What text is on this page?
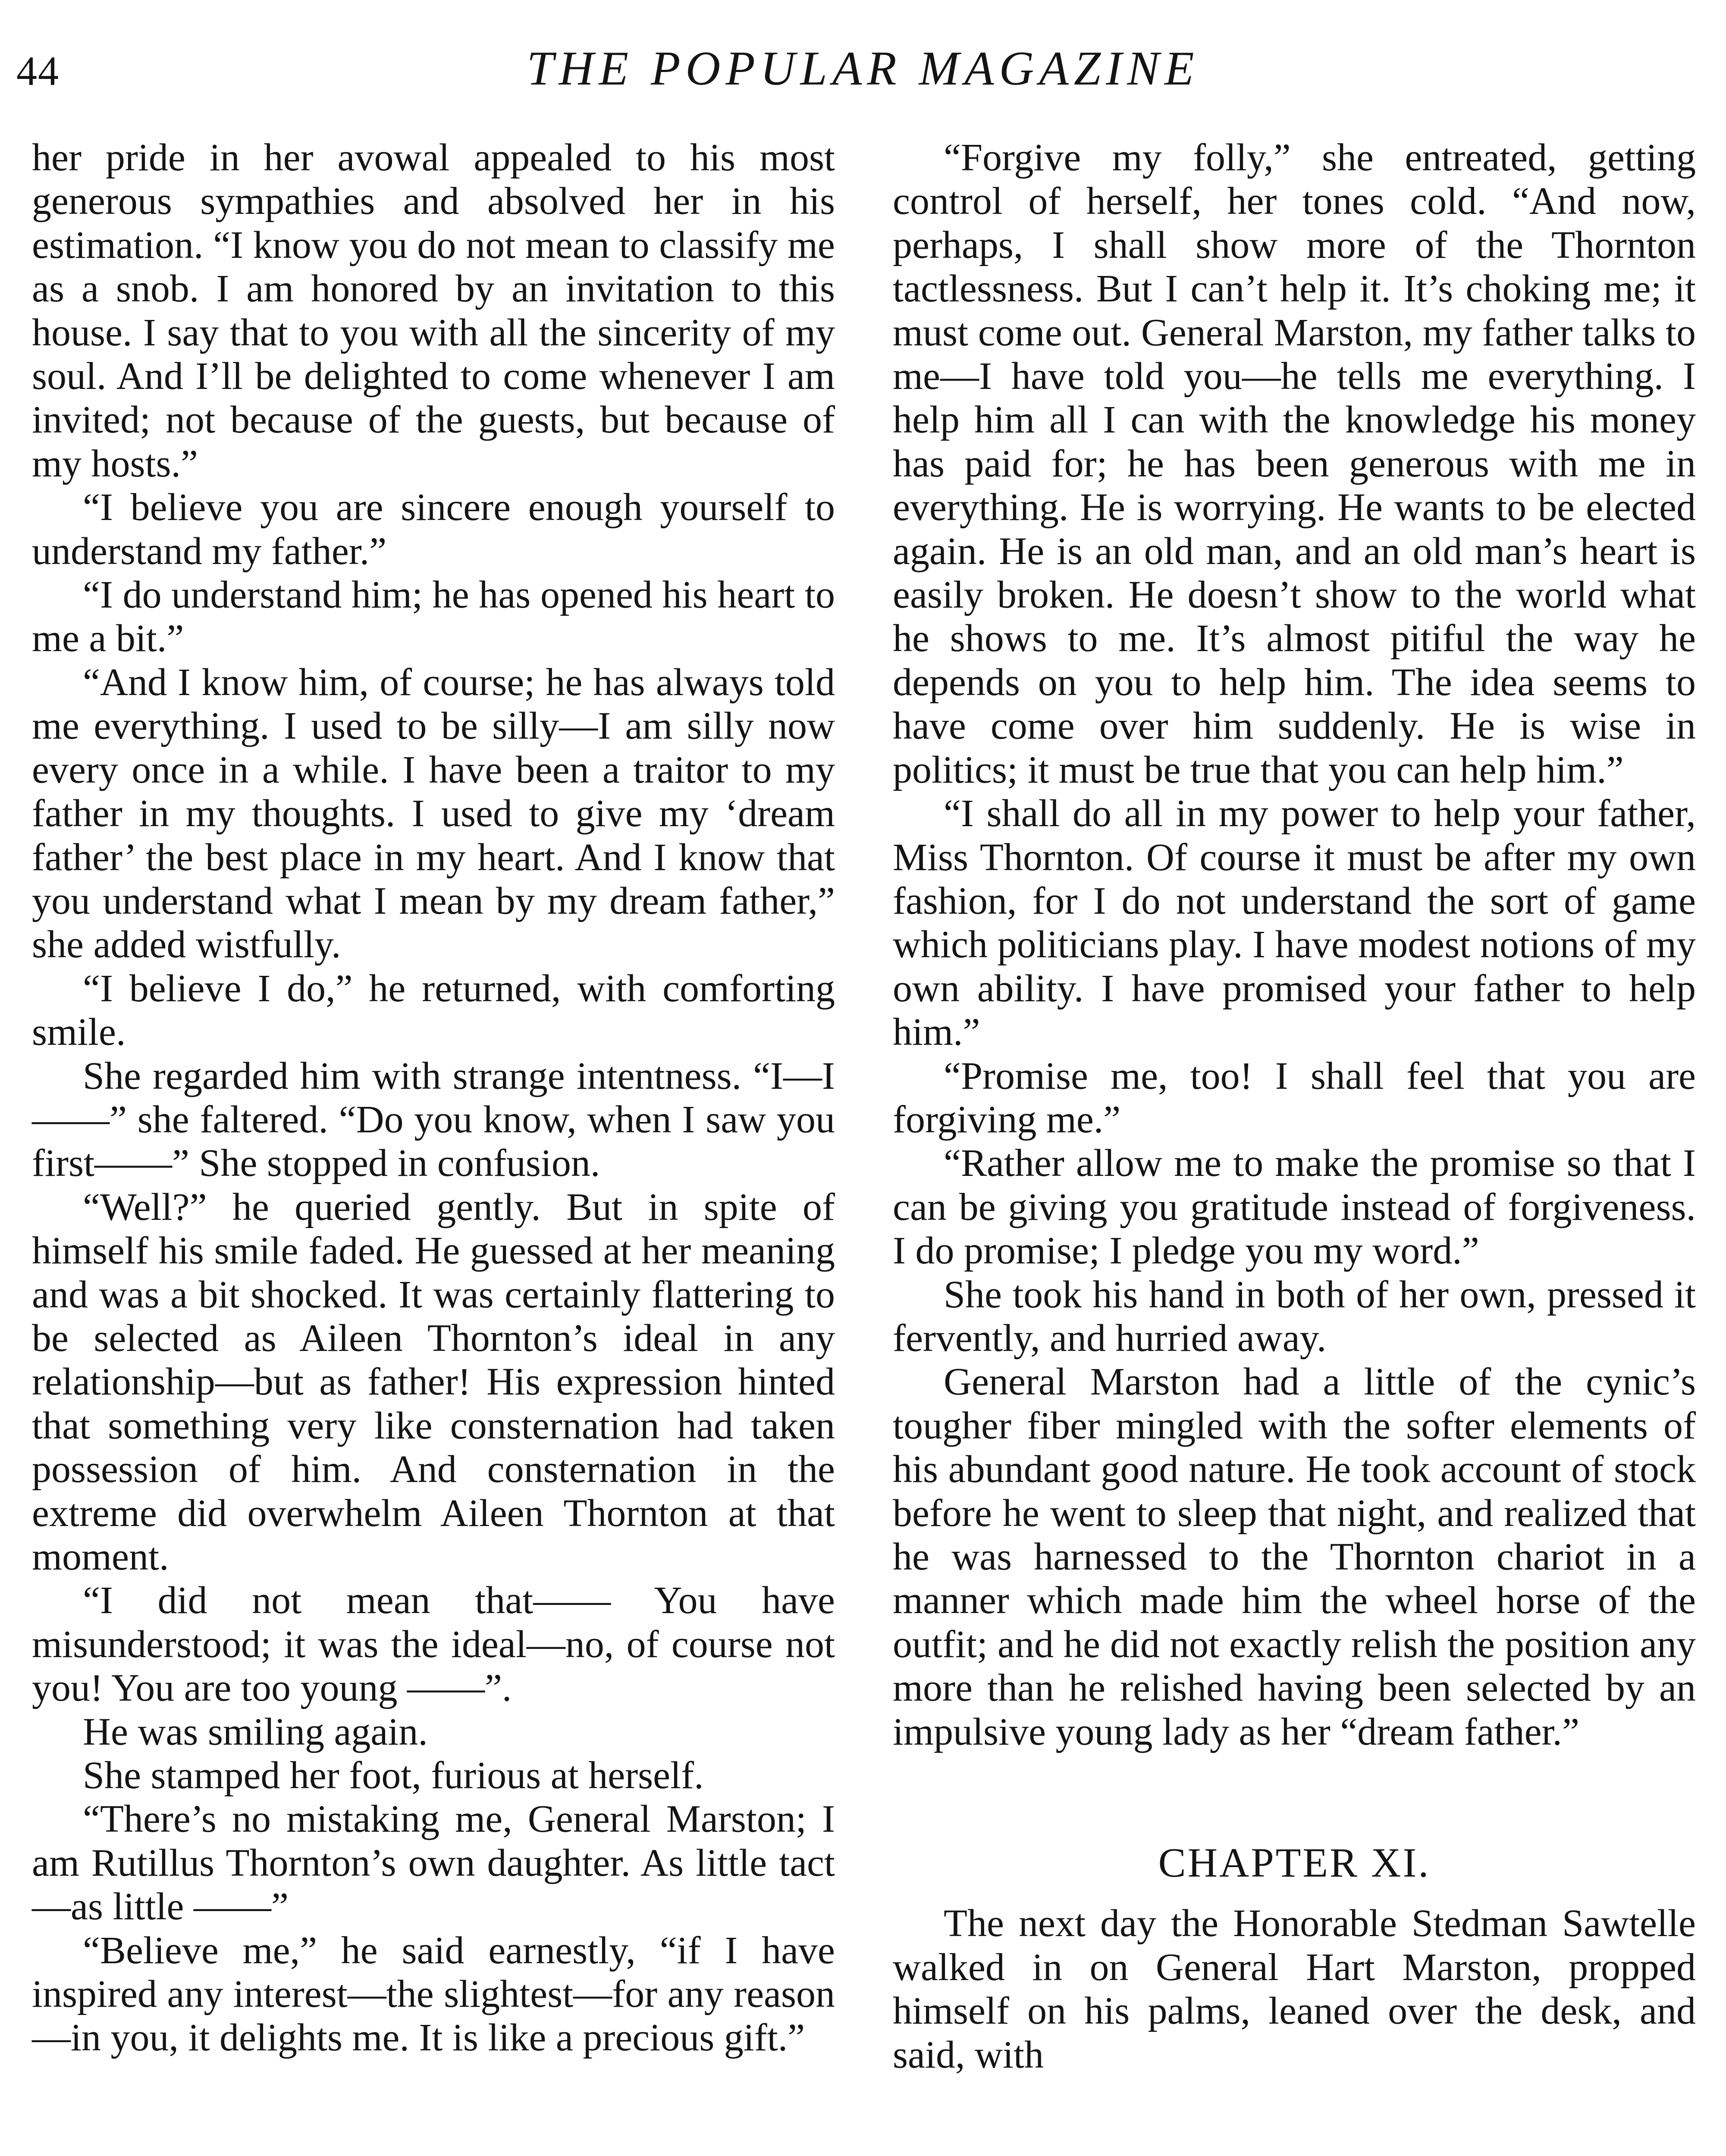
44	THE POPULAR MAGAZINE

her pride in her avowal appealed to his most generous sympathies and absolved her in his estimation. “I know you do not mean to classify me as a snob. I am honored by an invitation to this house. I say that to you with all the sincerity of my soul. And I’ll be delighted to come whenever I am invited; not because of the guests, but because of my hosts.”

“I believe you are sincere enough yourself to understand my father.”

“I do understand him; he has opened his heart to me a bit.”

“And I know him, of course; he has always told me everything. I used to be silly—I am silly now every once in a while. I have been a traitor to my father in my thoughts. I used to give my ‘dream father’ the best place in my heart. And I know that you understand what I mean by my dream father,” she added wistfully.

“I believe I do,” he returned, with comforting smile.

She regarded him with strange intentness. “I—I——” she faltered. “Do you know, when I saw you first——” She stopped in confusion.

“Well?” he queried gently. But in spite of himself his smile faded. He guessed at her meaning and was a bit shocked. It was certainly flattering to be selected as Aileen Thornton’s ideal in any relationship—but as father! His expression hinted that something very like consternation had taken possession of him. And consternation in the extreme did overwhelm Aileen Thornton at that moment.

“I did not mean that—— You have misunderstood; it was the ideal—no, of course not you! You are too young ——”.

He was smiling again.

She stamped her foot, furious at herself.

“There’s no mistaking me, General Marston; I am Rutillus Thornton’s own daughter. As little tact—as little ——”

“Believe me,” he said earnestly, “if I have inspired any interest—the slightest—for any reason—in you, it delights me. It is like a precious gift.”

“Forgive my folly,” she entreated, getting control of herself, her tones cold. “And now, perhaps, I shall show more of the Thornton tactlessness. But I can’t help it. It’s choking me; it must come out. General Marston, my father talks to me—I have told you—he tells me everything. I help him all I can with the knowledge his money has paid for; he has been generous with me in everything. He is worrying. He wants to be elected again. He is an old man, and an old man’s heart is easily broken. He doesn’t show to the world what he shows to me. It’s almost pitiful the way he depends on you to help him. The idea seems to have come over him suddenly. He is wise in politics; it must be true that you can help him.”

“I shall do all in my power to help your father, Miss Thornton. Of course it must be after my own fashion, for I do not understand the sort of game which politicians play. I have modest notions of my own ability. I have promised your father to help him.”

“Promise me, too! I shall feel that you are forgiving me.”

“Rather allow me to make the promise so that I can be giving you gratitude instead of forgiveness. I do promise; I pledge you my word.”

She took his hand in both of her own, pressed it fervently, and hurried away.

General Marston had a little of the cynic’s tougher fiber mingled with the softer elements of his abundant good nature. He took account of stock before he went to sleep that night, and realized that he was harnessed to the Thornton chariot in a manner which made him the wheel horse of the outfit; and he did not exactly relish the position any more than he relished having been selected by an impulsive young lady as her “dream father.”

CHAPTER XI.

The next day the Honorable Stedman Sawtelle walked in on General Hart Marston, propped himself on his palms, leaned over the desk, and said, with
